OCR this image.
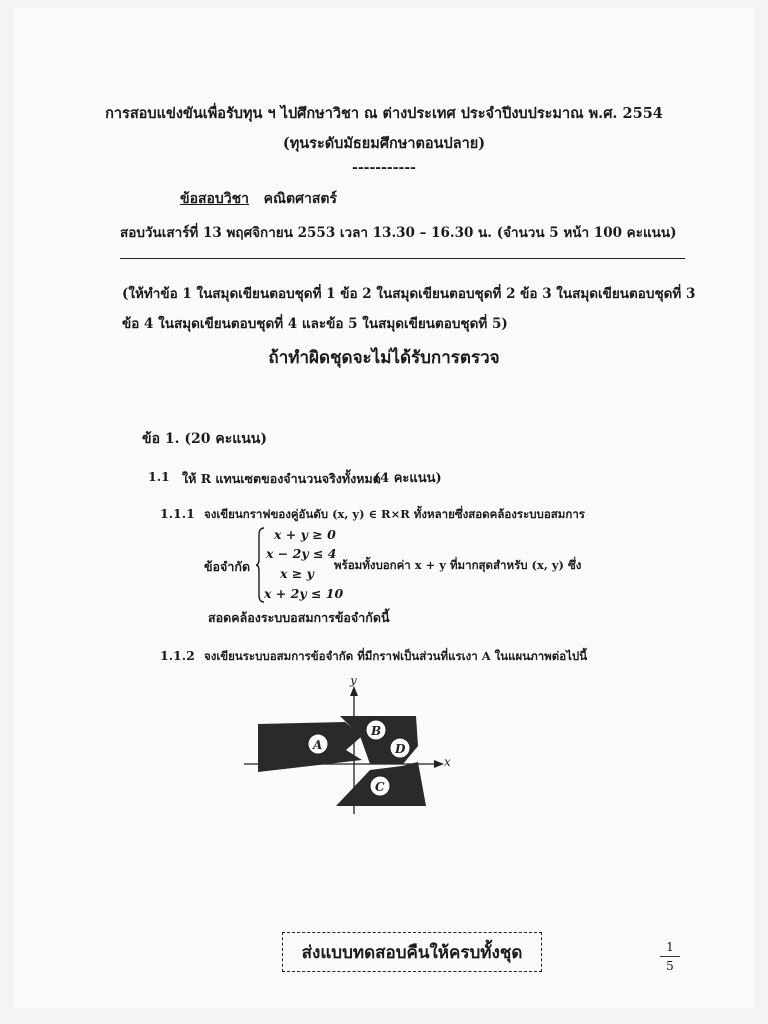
การสอบแข่งขันเพื่อรับทุน ฯ ไปศึกษาวิชา ณ ต่างประเทศ ประจำปีงบประมาณ พ.ศ. 2554
(ทุนระดับมัธยมศึกษาตอนปลาย)
-----------
ข้อสอบวิชา คณิตศาสตร์
สอบวันเสาร์ที่ 13 พฤศจิกายน 2553 เวลา 13.30 – 16.30 น. (จำนวน 5 หน้า 100 คะแนน)
(ให้ทำข้อ 1 ในสมุดเขียนตอบชุดที่ 1 ข้อ 2 ในสมุดเขียนตอบชุดที่ 2 ข้อ 3 ในสมุดเขียนตอบชุดที่ 3
ข้อ 4 ในสมุดเขียนตอบชุดที่ 4 และข้อ 5 ในสมุดเขียนตอบชุดที่ 5)
ถ้าทำผิดชุดจะไม่ได้รับการตรวจ
ข้อ 1. (20 คะแนน)
1.1 ให้ R แทนเซตของจำนวนจริงทั้งหมด
(4 คะแนน)
1.1.1 จงเขียนกราฟของคู่อันดับ (x, y) ∈ R×R ทั้งหลายซึ่งสอดคล้องระบบอสมการ
ข้อจำกัด
x + y ≥ 0
x − 2y ≤ 4
x ≥ y
x + 2y ≤ 10
พร้อมทั้งบอกค่า x + y ที่มากสุดสำหรับ (x, y) ซึ่ง
สอดคล้องระบบอสมการข้อจำกัดนี้
1.1.2 จงเขียนระบบอสมการข้อจำกัด ที่มีกราฟเป็นส่วนที่แรเงา A ในแผนภาพต่อไปนี้
x
y
A
B
C
D
ส่งแบบทดสอบคืนให้ครบทั้งชุด	1
5
